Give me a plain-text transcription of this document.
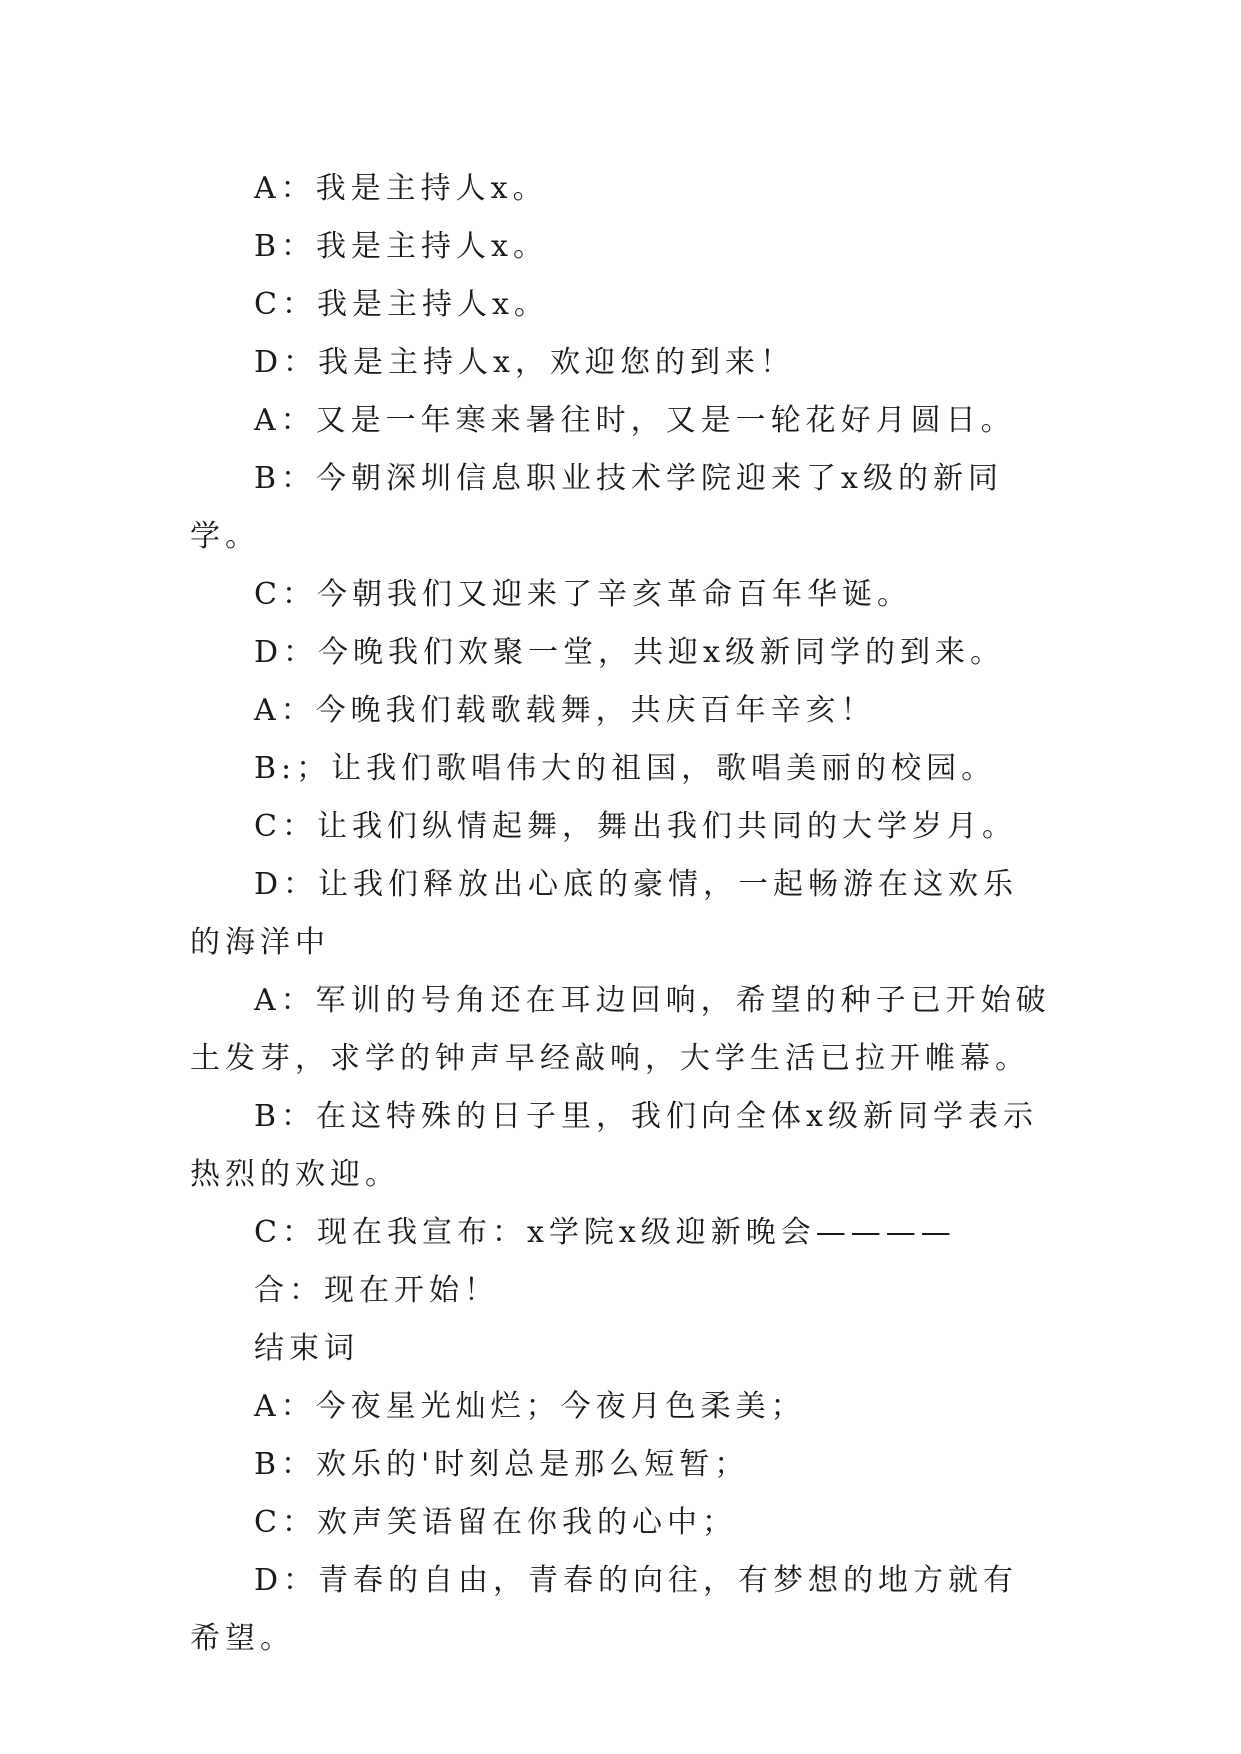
A：我是主持人x。

B：我是主持人x。

C：我是主持人x。

D：我是主持人x，欢迎您的到来！

A：又是一年寒来暑往时，又是一轮花好月圆日。

B：今朝深圳信息职业技术学院迎来了x级的新同学。

C：今朝我们又迎来了辛亥革命百年华诞。

D：今晚我们欢聚一堂，共迎x级新同学的到来。

A：今晚我们载歌载舞，共庆百年辛亥！

B:；让我们歌唱伟大的祖国，歌唱美丽的校园。

C：让我们纵情起舞，舞出我们共同的大学岁月。

D：让我们释放出心底的豪情，一起畅游在这欢乐的海洋中

A：军训的号角还在耳边回响，希望的种子已开始破土发芽，求学的钟声早经敲响，大学生活已拉开帷幕。

B：在这特殊的日子里，我们向全体x级新同学表示热烈的欢迎。

C：现在我宣布：x学院x级迎新晚会————

合：现在开始！

结束词

A：今夜星光灿烂；今夜月色柔美；

B：欢乐的'时刻总是那么短暂；

C：欢声笑语留在你我的心中；

D：青春的自由，青春的向往，有梦想的地方就有希望。
